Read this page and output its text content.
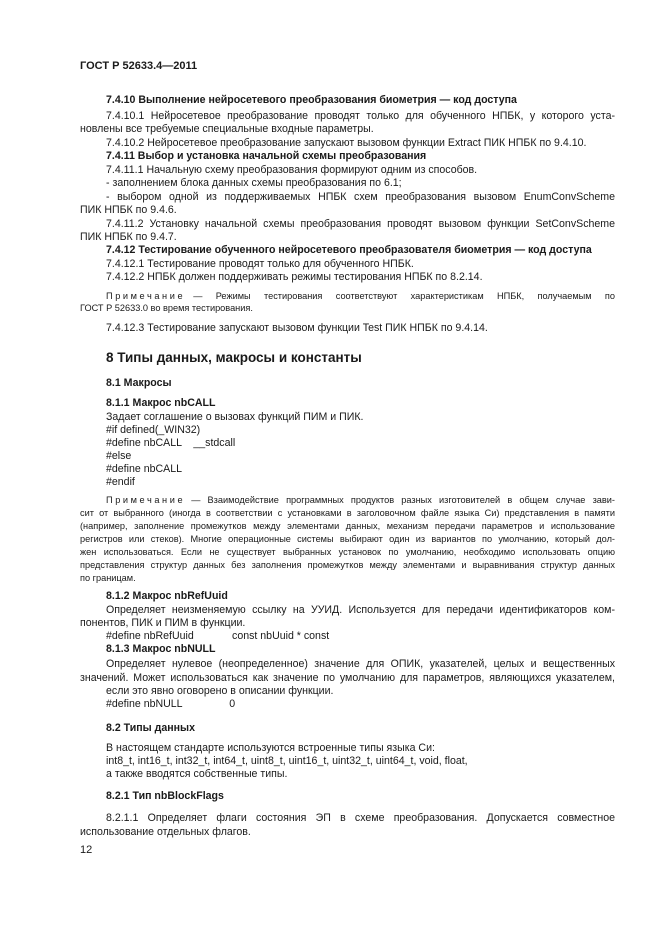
ГОСТ Р 52633.4—2011
7.4.10 Выполнение нейросетевого преобразования биометрия — код доступа
7.4.10.1 Нейросетевое преобразование проводят только для обученного НПБК, у которого уста-
новлены все требуемые специальные входные параметры.
7.4.10.2 Нейросетевое преобразование запускают вызовом функции Extract ПИК НПБК по 9.4.10.
7.4.11 Выбор и установка начальной схемы преобразования
7.4.11.1 Начальную схему преобразования формируют одним из способов.
- заполнением блока данных схемы преобразования по 6.1;
- выбором одной из поддерживаемых НПБК схем преобразования вызовом EnumConvScheme
ПИК НПБК по 9.4.6.
7.4.11.2 Установку начальной схемы преобразования проводят вызовом функции SetConvScheme
ПИК НПБК по 9.4.7.
7.4.12 Тестирование обученного нейросетевого преобразователя биометрия — код доступа
7.4.12.1 Тестирование проводят только для обученного НПБК.
7.4.12.2 НПБК должен поддерживать режимы тестирования НПБК по 8.2.14.
Примечание — Режимы тестирования соответствуют характеристикам НПБК, получаемым по
ГОСТ Р 52633.0 во время тестирования.
7.4.12.3 Тестирование запускают вызовом функции Test ПИК НПБК по 9.4.14.
8 Типы данных, макросы и константы
8.1 Макросы
8.1.1 Макрос nbCALL
Задает соглашение о вызовах функций ПИМ и ПИК.
#if defined(_WIN32)
#define nbCALL    __stdcall
#else
#define nbCALL
#endif
Примечание — Взаимодействие программных продуктов разных изготовителей в общем случае зави-
сит от выбранного (иногда в соответствии с установками в заголовочном файле языка Си) представления в памяти
(например, заполнение промежутков между элементами данных, механизм передачи параметров и использование
регистров или стеков). Многие операционные системы выбирают один из вариантов по умолчанию, который дол-
жен использоваться. Если не существует выбранных установок по умолчанию, необходимо использовать опцию
представления структур данных без заполнения промежутков между элементами и выравнивания структур данных
по границам.
8.1.2 Макрос nbRefUuid
Определяет неизменяемую ссылку на УУИД. Используется для передачи идентификаторов ком-
понентов, ПИК и ПИМ в функции.
#define nbRefUuid             const nbUuid * const
8.1.3 Макрос nbNULL
Определяет нулевое (неопределенное) значение для ОПИК, указателей, целых и вещественных
значений. Может использоваться как значение по умолчанию для параметров, являющихся указателем,
если это явно оговорено в описании функции.
#define nbNULL                0
8.2 Типы данных
В настоящем стандарте используются встроенные типы языка Си:
int8_t, int16_t, int32_t, int64_t, uint8_t, uint16_t, uint32_t, uint64_t, void, float,
а также вводятся собственные типы.
8.2.1 Тип nbBlockFlags
8.2.1.1 Определяет флаги состояния ЭП в схеме преобразования. Допускается совместное
использование отдельных флагов.
12
